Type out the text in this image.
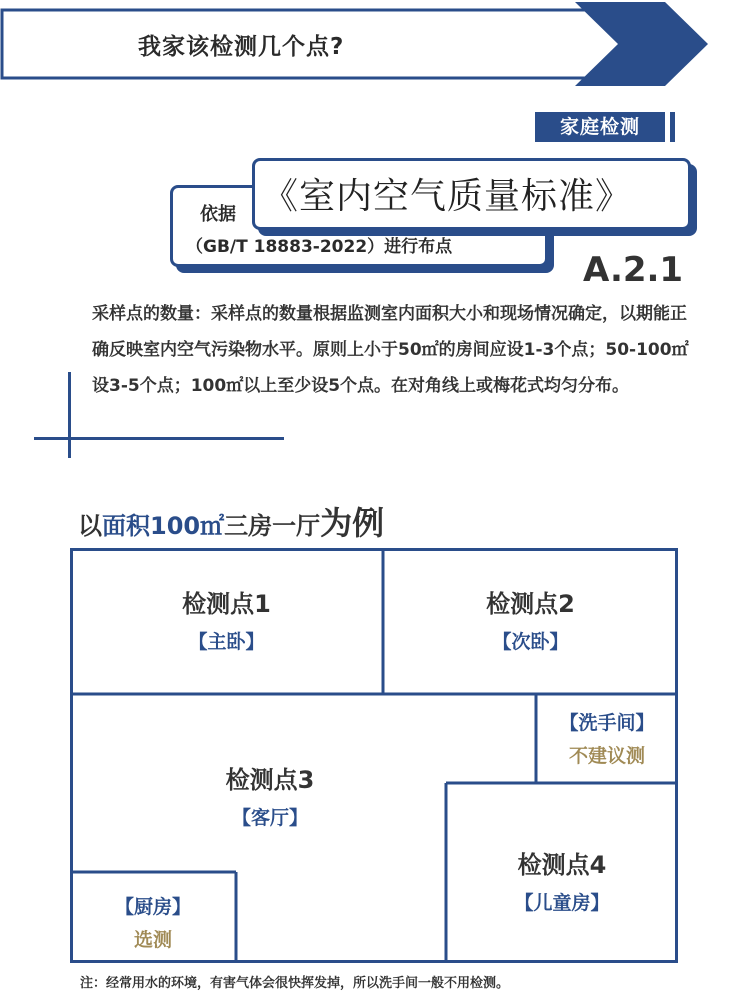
我家该检测几个点?
家庭检测
依据 《室内空气质量标准》
（GB/T 18883-2022）进行布点
A.2.1

采样点的数量：采样点的数量根据监测室内面积大小和现场情况确定，以期能正确反映室内空气污染物水平。原则上小于50㎡的房间应设1-3个点；50-100㎡设3-5个点；100㎡以上至少设5个点。在对角线上或梅花式均匀分布。

以面积100㎡三房一厅为例
检测点1
【主卧】
检测点2
【次卧】
【洗手间】
不建议测
检测点3
【客厅】
检测点4
【儿童房】
【厨房】
选测
注：经常用水的环境，有害气体会很快挥发掉，所以洗手间一般不用检测。
